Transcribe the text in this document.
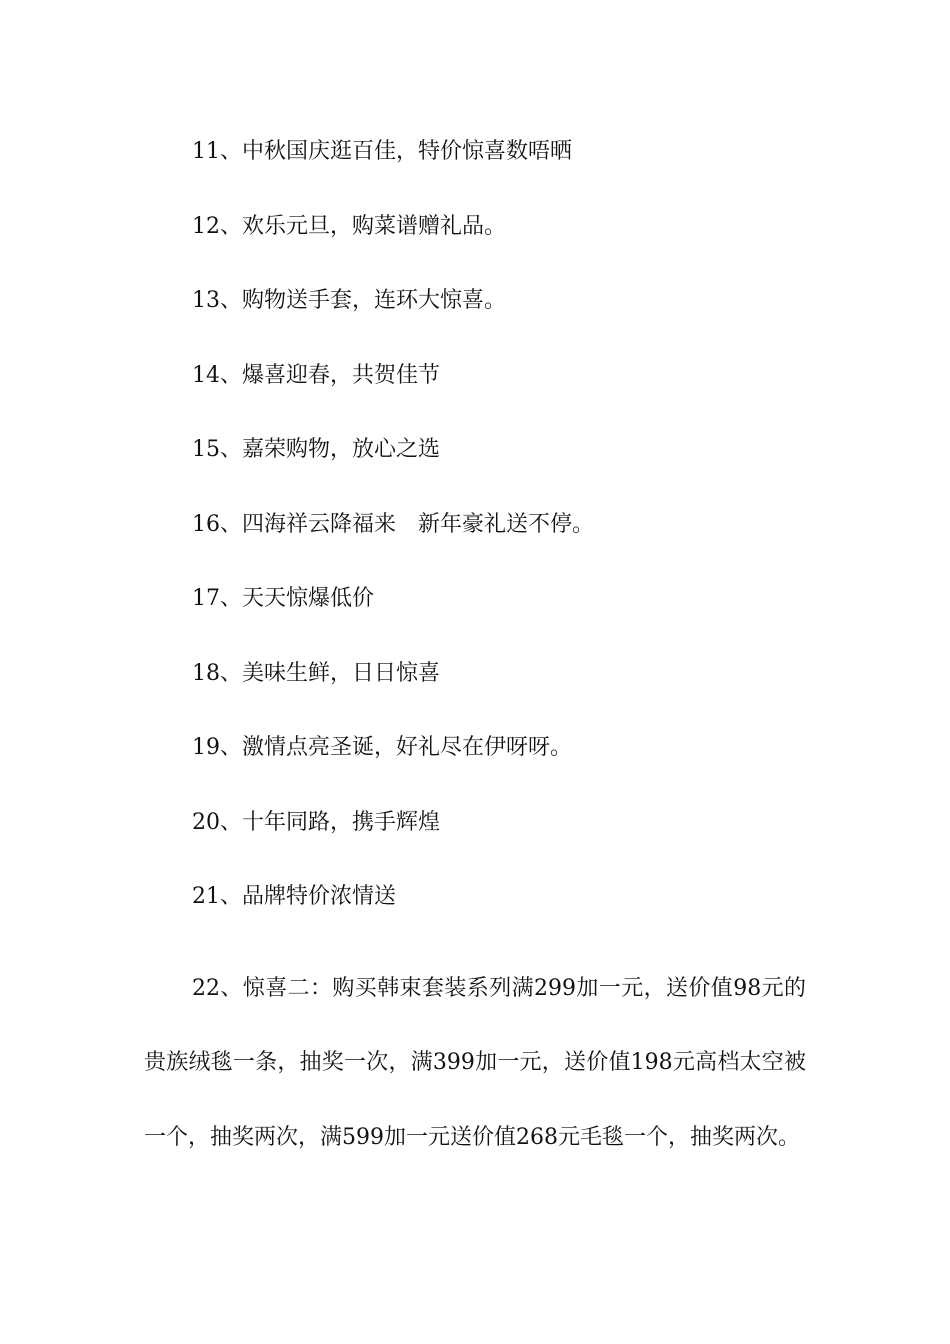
11、中秋国庆逛百佳，特价惊喜数唔晒
12、欢乐元旦，购菜谱赠礼品。
13、购物送手套，连环大惊喜。
14、爆喜迎春，共贺佳节
15、嘉荣购物，放心之选
16、四海祥云降福来　新年豪礼送不停。
17、天天惊爆低价
18、美味生鲜，日日惊喜
19、激情点亮圣诞，好礼尽在伊呀呀。
20、十年同路，携手辉煌
21、品牌特价浓情送

22、惊喜二：购买韩束套装系列满299加一元，送价值98元的贵族绒毯一条，抽奖一次，满399加一元，送价值198元高档太空被一个，抽奖两次，满599加一元送价值268元毛毯一个，抽奖两次。
